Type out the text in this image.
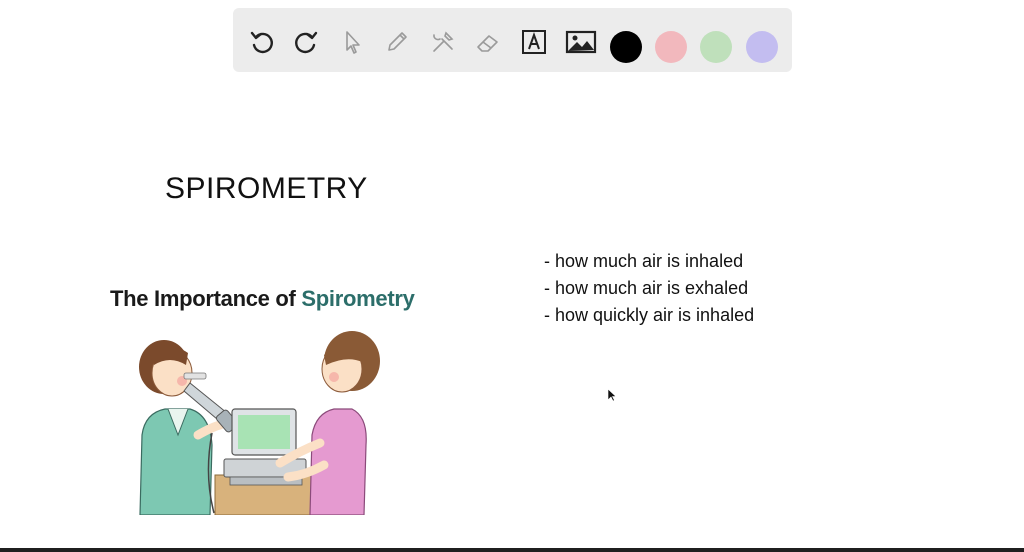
SPIROMETRY
- how much air is inhaled
- how much air is exhaled
- how quickly air is inhaled
The Importance of Spirometry
